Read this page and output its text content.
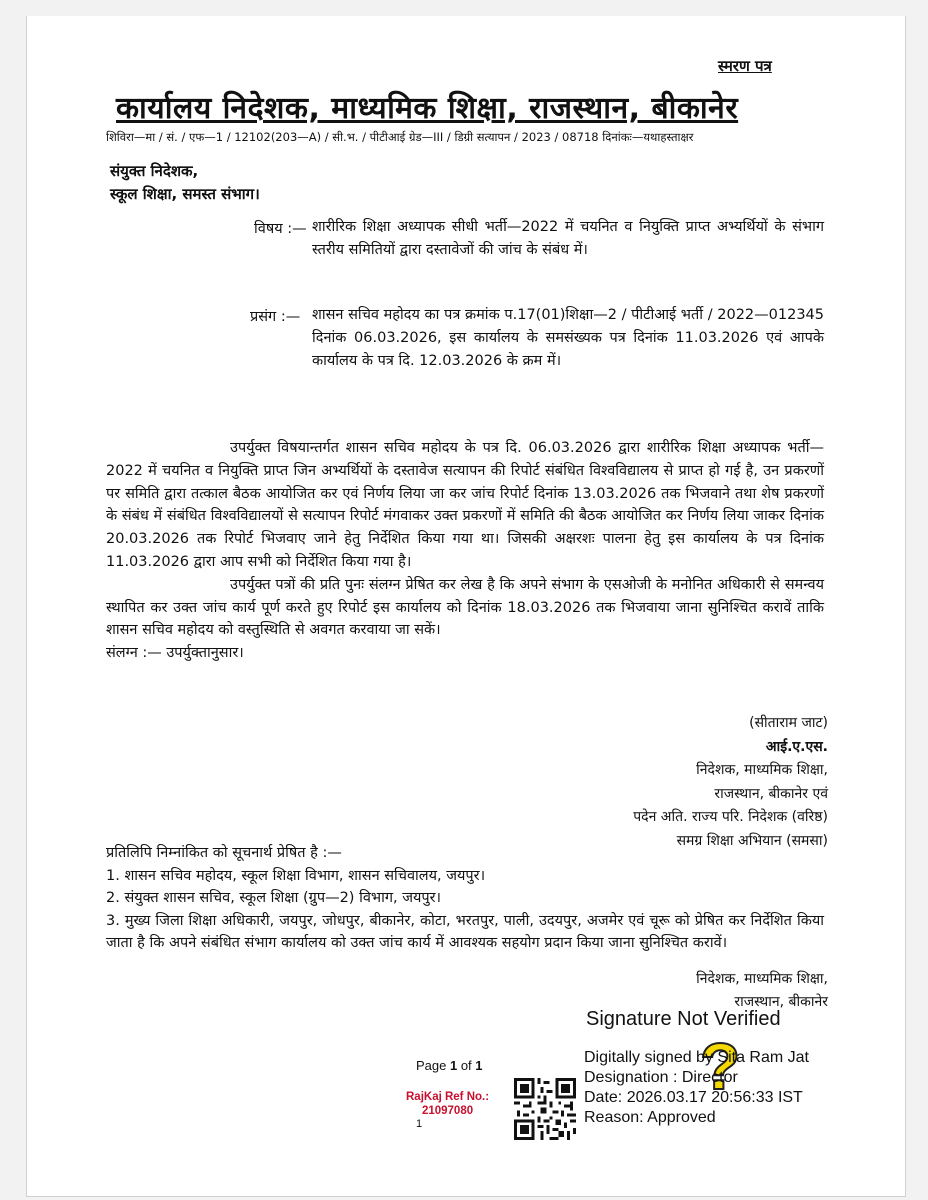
स्मरण पत्र
कार्यालय निदेशक, माध्यमिक शिक्षा, राजस्थान, बीकानेर
शिविरा—मा / सं. / एफ—1 / 12102(203—A) / सी.भ. / पीटीआई ग्रेड—III / डिग्री सत्यापन / 2023 / 08718 दिनांकः—यथाहस्ताक्षर
संयुक्त निदेशक,
स्कूल शिक्षा, समस्त संभाग।
विषय :— शारीरिक शिक्षा अध्यापक सीधी भर्ती—2022 में चयनित व नियुक्ति प्राप्त अभ्यर्थियों के संभाग स्तरीय समितियों द्वारा दस्तावेजों की जांच के संबंध में।
प्रसंग :— शासन सचिव महोदय का पत्र क्रमांक प.17(01)शिक्षा—2 / पीटीआई भर्ती / 2022—012345 दिनांक 06.03.2026, इस कार्यालय के समसंख्यक पत्र दिनांक 11.03.2026 एवं आपके कार्यालय के पत्र दि. 12.03.2026 के क्रम में।
उपर्युक्त विषयान्तर्गत शासन सचिव महोदय के पत्र दि. 06.03.2026 द्वारा शारीरिक शिक्षा अध्यापक भर्ती—2022 में चयनित व नियुक्ति प्राप्त जिन अभ्यर्थियों के दस्तावेज सत्यापन की रिपोर्ट संबंधित विश्वविद्यालय से प्राप्त हो गई है, उन प्रकरणों पर समिति द्वारा तत्काल बैठक आयोजित कर एवं निर्णय लिया जा कर जांच रिपोर्ट दिनांक 13.03.2026 तक भिजवाने तथा शेष प्रकरणों के संबंध में संबंधित विश्वविद्यालयों से सत्यापन रिपोर्ट मंगवाकर उक्त प्रकरणों में समिति की बैठक आयोजित कर निर्णय लिया जाकर दिनांक 20.03.2026 तक रिपोर्ट भिजवाए जाने हेतु निर्देशित किया गया था। जिसकी अक्षरशः पालना हेतु इस कार्यालय के पत्र दिनांक 11.03.2026 द्वारा आप सभी को निर्देशित किया गया है।
उपर्युक्त पत्रों की प्रति पुनः संलग्न प्रेषित कर लेख है कि अपने संभाग के एसओजी के मनोनित अधिकारी से समन्वय स्थापित कर उक्त जांच कार्य पूर्ण करते हुए रिपोर्ट इस कार्यालय को दिनांक 18.03.2026 तक भिजवाया जाना सुनिश्चित करावें ताकि शासन सचिव महोदय को वस्तुस्थिति से अवगत करवाया जा सकें।
संलग्न :— उपर्युक्तानुसार।
(सीताराम जाट)
आई.ए.एस.
निदेशक, माध्यमिक शिक्षा,
राजस्थान, बीकानेर एवं
पदेन अति. राज्य परि. निदेशक (वरिष्ठ)
समग्र शिक्षा अभियान (समसा)
प्रतिलिपि निम्नांकित को सूचनार्थ प्रेषित है :—
1. शासन सचिव महोदय, स्कूल शिक्षा विभाग, शासन सचिवालय, जयपुर।
2. संयुक्त शासन सचिव, स्कूल शिक्षा (ग्रुप—2) विभाग, जयपुर।
3. मुख्य जिला शिक्षा अधिकारी, जयपुर, जोधपुर, बीकानेर, कोटा, भरतपुर, पाली, उदयपुर, अजमेर एवं चूरू को प्रेषित कर निर्देशित किया जाता है कि अपने संबंधित संभाग कार्यालय को उक्त जांच कार्य में आवश्यक सहयोग प्रदान किया जाना सुनिश्चित करावें।
निदेशक, माध्यमिक शिक्षा,
राजस्थान, बीकानेर
?
Signature Not Verified
Digitally signed by Sita Ram Jat
Designation : Director
Date: 2026.03.17 20:56:33 IST
Reason: Approved
Page 1 of 1
RajKaj Ref No.:
21097080
1
